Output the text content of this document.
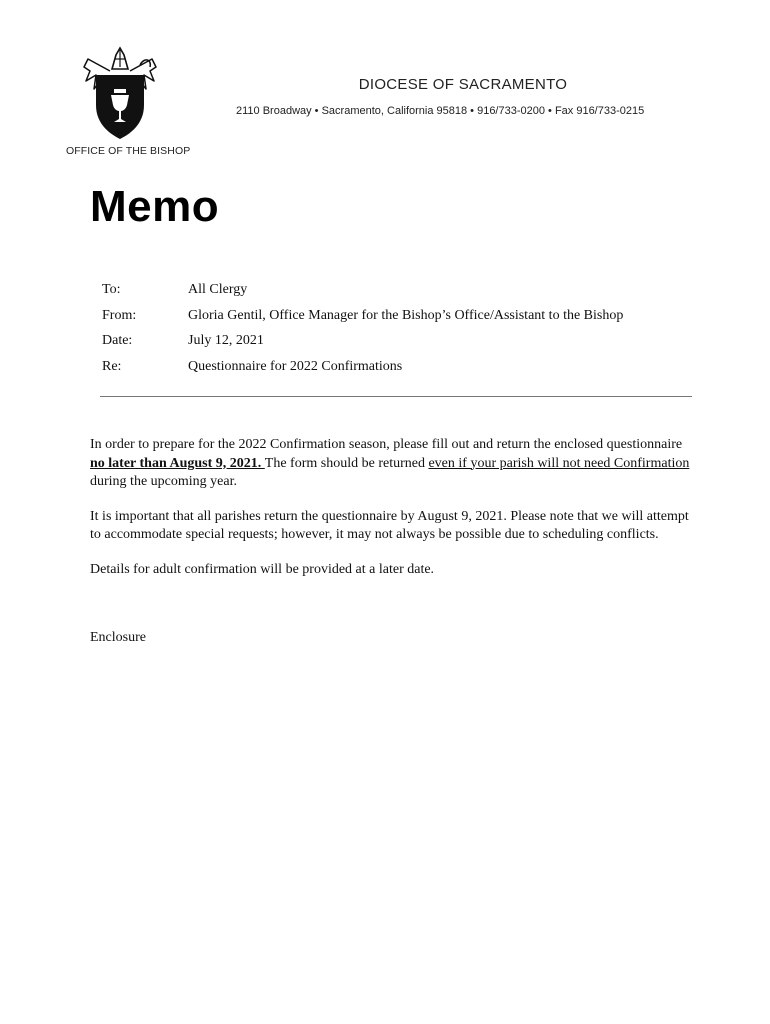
OFFICE OF THE BISHOP
DIOCESE OF SACRAMENTO
2110 Broadway • Sacramento, California 95818 • 916/733-0200 • Fax 916/733-0215
Memo
To:	All Clergy
From:	Gloria Gentil, Office Manager for the Bishop’s Office/Assistant to the Bishop
Date:	July 12, 2021
Re:	Questionnaire for 2022 Confirmations

In order to prepare for the 2022 Confirmation season, please fill out and return the enclosed questionnaire no later than August 9, 2021. The form should be returned even if your parish will not need Confirmation during the upcoming year.

It is important that all parishes return the questionnaire by August 9, 2021. Please note that we will attempt to accommodate special requests; however, it may not always be possible due to scheduling conflicts.

Details for adult confirmation will be provided at a later date.

Enclosure
